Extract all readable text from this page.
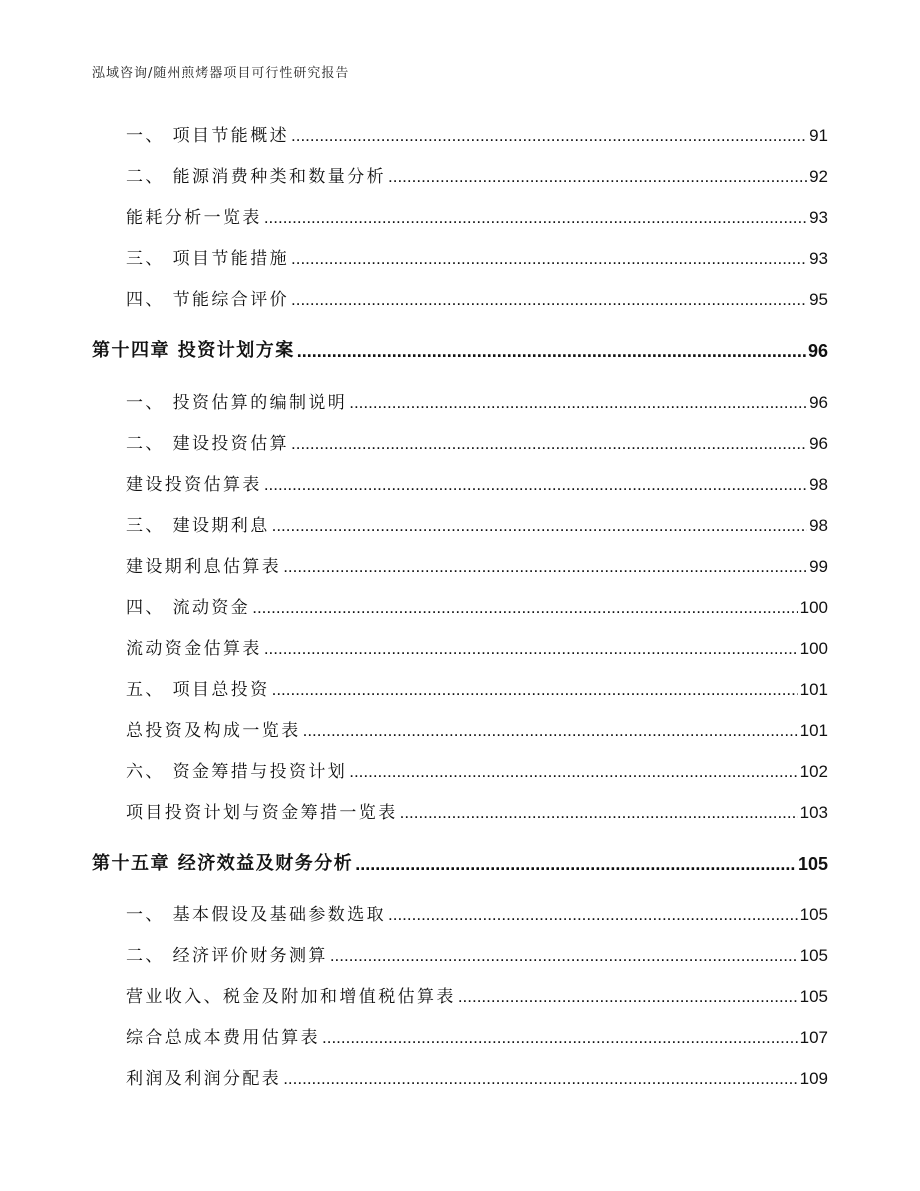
泓域咨询/随州煎烤器项目可行性研究报告
一、 项目节能概述 .....	91
二、 能源消费种类和数量分析 .....	92
能耗分析一览表 .....	93
三、 项目节能措施 .....	93
四、 节能综合评价 .....	95
第十四章 投资计划方案 .....	96
一、 投资估算的编制说明 .....	96
二、 建设投资估算 .....	96
建设投资估算表 .....	98
三、 建设期利息 .....	98
建设期利息估算表 .....	99
四、 流动资金 .....	100
流动资金估算表 .....	100
五、 项目总投资 .....	101
总投资及构成一览表 .....	101
六、 资金筹措与投资计划 .....	102
项目投资计划与资金筹措一览表 .....	103
第十五章 经济效益及财务分析 .....	105
一、 基本假设及基础参数选取 .....	105
二、 经济评价财务测算 .....	105
营业收入、税金及附加和增值税估算表 .....	105
综合总成本费用估算表 .....	107
利润及利润分配表 .....	109
